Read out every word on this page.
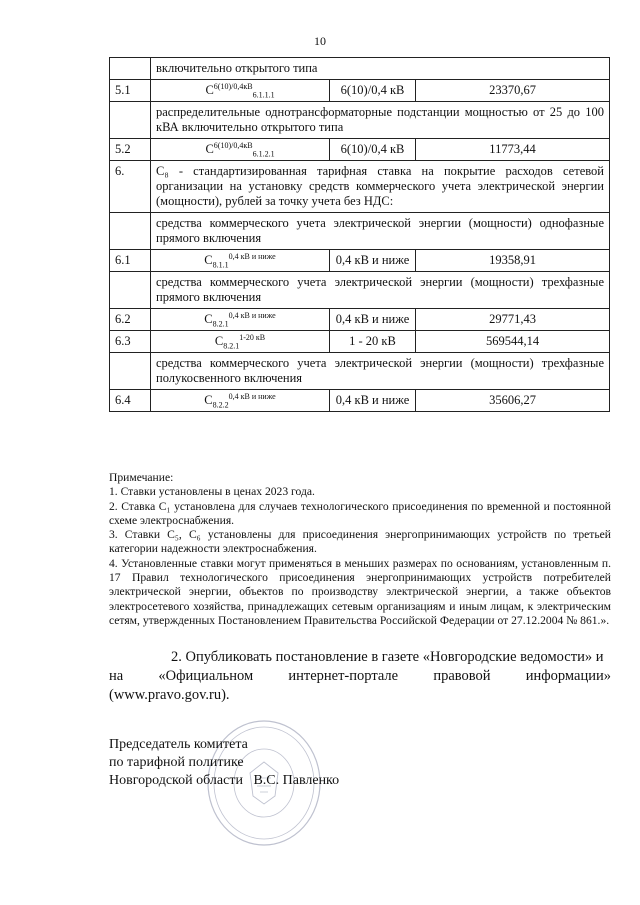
10
	включительно открытого типа		
5.1	$C^{6(10)/0,4кВ}_{6.1.1.1}$	6(10)/0,4 кВ	23370,67
	распределительные однотрансформаторные подстанции мощностью от 25 до 100 кВА включительно открытого типа		
5.2	$C^{6(10)/0,4кВ}_{6.1.2.1}$	6(10)/0,4 кВ	11773,44
6.	C₈ - стандартизированная тарифная ставка на покрытие расходов сетевой организации на установку средств коммерческого учета электрической энергии (мощности), рублей за точку учета без НДС:		
	средства коммерческого учета электрической энергии (мощности) однофазные прямого включения		
6.1	$C_{8.1.1}^{0,4 кВ и ниже}$	0,4 кВ и ниже	19358,91
	средства коммерческого учета электрической энергии (мощности) трехфазные прямого включения		
6.2	$C_{8.2.1}^{0,4 кВ и ниже}$	0,4 кВ и ниже	29771,43
6.3	$C_{8.2.1}^{1-20 кВ}$	1 - 20 кВ	569544,14
	средства коммерческого учета электрической энергии (мощности) трехфазные полукосвенного включения		
6.4	$C_{8.2.2}^{0,4 кВ и ниже}$	0,4 кВ и ниже	35606,27

Примечание:

1. Ставки установлены в ценах 2023 года.

2. Ставка C₁ установлена для случаев технологического присоединения по временной и постоянной схеме электроснабжения.

3. Ставки C₅, C₆ установлены для присоединения энергопринимающих устройств по третьей категории надежности электроснабжения.

4. Установленные ставки могут применяться в меньших размерах по основаниям, установленным п. 17 Правил технологического присоединения энергопринимающих устройств потребителей электрической энергии, объектов по производству электрической энергии, а также объектов электросетевого хозяйства, принадлежащих сетевым организациям и иным лицам, к электрическим сетям, утвержденных Постановлением Правительства Российской Федерации от 27.12.2004 № 861.».

2. Опубликовать постановление в газете «Новгородские ведомости» и

на «Официальном интернет-портале правовой информации»

(www.pravo.gov.ru).

Председатель комитета

по тарифной политике

Новгородской области В.С. Павленко
